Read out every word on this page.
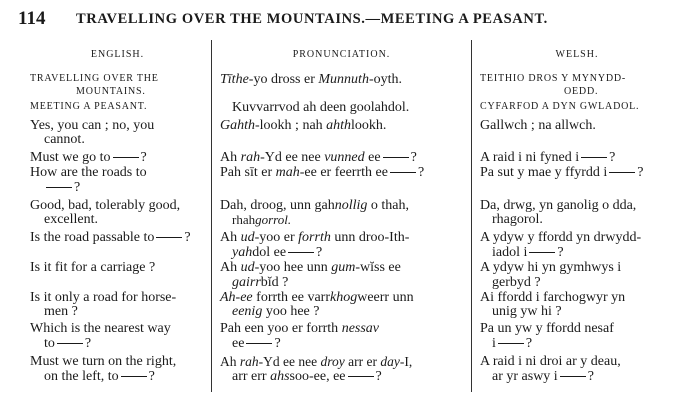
114 TRAVELLING OVER THE MOUNTAINS.—MEETING A PEASANT.
ENGLISH.
TRAVELLING OVER THE
MOUNTAINS.
MEETING A PEASANT.
Yes, you can ; no, you
cannot.
Must we go to ?
How are the roads to
?
Good, bad, tolerably good,
excellent.
Is the road passable to ?
Is it fit for a carriage ?
Is it only a road for horse-
men ?
Which is the nearest way
to ?
Must we turn on the right,
on the left, to ?
PRONUNCIATION.
Tīthe-yo dross er Munnuth-oyth.
Kuvvarrvod ah deen goolahdol.
Gahth-lookh ; nah ahthlookh.
Ah rah-Yd ee nee vunned ee ?
Pah sīt er mah-ee er feerrth ee ?
Dah, droog, unn gahnollig o thah,
rhahgorrol.
Ah ud-yoo er forrth unn droo-Ith-
yahdol ee ?
Ah ud-yoo hee unn gum-wĭss ee
gairrbĭd ?
Ah-ee forrth ee varrkhogweerr unn
eenig yoo hee ?
Pah een yoo er forrth nessav
ee ?
Ah rah-Yd ee nee droy arr er day-I,
arr err ahssoo-ee, ee ?
WELSH.
TEITHIO DROS Y MYNYDD-
OEDD.
CYFARFOD A DYN GWLADOL.
Gallwch ; na allwch.
A raid i ni fyned i ?
Pa sut y mae y ffyrdd i ?
Da, drwg, yn ganolig o dda,
rhagorol.
A ydyw y ffordd yn drwydd-
iadol i ?
A ydyw hi yn gymhwys i
gerbyd ?
Ai ffordd i farchogwyr yn
unig yw hi ?
Pa un yw y ffordd nesaf
i ?
A raid i ni droi ar y deau,
ar yr aswy i ?
